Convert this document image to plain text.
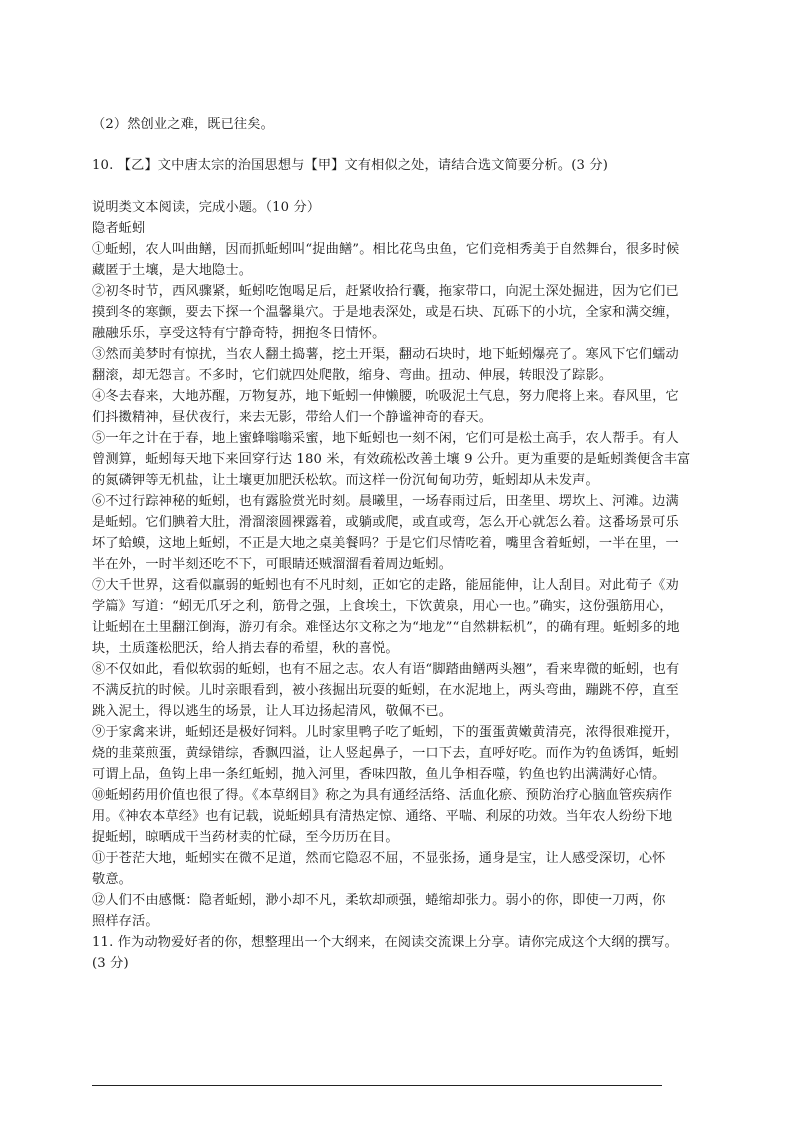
（2）然创业之难，既已往矣。
10. 【乙】文中唐太宗的治国思想与【甲】文有相似之处，请结合选文简要分析。(3 分)
说明类文本阅读，完成小题。（10 分）
隐者蚯蚓
①蚯蚓，农人叫曲鳝，因而抓蚯蚓叫“捉曲鳝”。相比花鸟虫鱼，它们竞相秀美于自然舞台，很多时候
藏匿于土壤，是大地隐士。
②初冬时节，西风骤紧，蚯蚓吃饱喝足后，赶紧收拾行囊，拖家带口，向泥土深处掘进，因为它们已
摸到冬的寒颤，要去下探一个温馨巢穴。于是地表深处，或是石块、瓦砾下的小坑，全家和满交缠，
融融乐乐，享受这特有宁静奇特，拥抱冬日情怀。
③然而美梦时有惊扰，当农人翻土捣薯，挖土开渠，翻动石块时，地下蚯蚓爆亮了。寒风下它们蠕动
翻滚，却无怨言。不多时，它们就四处爬散，缩身、弯曲。扭动、伸展，转眼没了踪影。
④冬去春来，大地苏醒，万物复苏，地下蚯蚓一伸懒腰，吮吸泥土气息，努力爬将上来。春风里，它
们抖擞精神，昼伏夜行，来去无影，带给人们一个静谧神奇的春天。
⑤一年之计在于春，地上蜜蜂嗡嗡采蜜，地下蚯蚓也一刻不闲，它们可是松土高手，农人帮手。有人
曾测算，蚯蚓每天地下来回穿行达 180 米，有效疏松改善土壤 9 公升。更为重要的是蚯蚓粪便含丰富
的氮磷钾等无机盐，让土壤更加肥沃松软。而这样一份沉甸甸功劳，蚯蚓却从未发声。
⑥不过行踪神秘的蚯蚓，也有露脸赏光时刻。晨曦里，一场春雨过后，田垄里、塄坎上、河滩。边满
是蚯蚓。它们腆着大肚，滑溜滚圆裸露着，或躺或爬，或直或弯，怎么开心就怎么着。这番场景可乐
坏了蛤蟆，这地上蚯蚓，不正是大地之桌美餐吗？于是它们尽情吃着，嘴里含着蚯蚓，一半在里，一
半在外，一时半刻还吃不下，可眼睛还贼溜溜看着周边蚯蚓。
⑦大千世界，这看似羸弱的蚯蚓也有不凡时刻，正如它的走路，能屈能伸，让人刮目。对此荀子《劝
学篇》写道：“蚓无爪牙之利，筋骨之强，上食埃土，下饮黄泉，用心一也。”确实，这份强筋用心，
让蚯蚓在土里翻江倒海，游刃有余。难怪达尔文称之为“地龙”“自然耕耘机”，的确有理。蚯蚓多的地
块，土质蓬松肥沃，给人捎去春的希望，秋的喜悦。
⑧不仅如此，看似软弱的蚯蚓，也有不屈之志。农人有语“脚踏曲鳝两头翘”，看来卑微的蚯蚓，也有
不满反抗的时候。儿时亲眼看到，被小孩掘出玩耍的蚯蚓，在水泥地上，两头弯曲，蹦跳不停，直至
跳入泥土，得以逃生的场景，让人耳边扬起清风，敬佩不已。
⑨于家禽来讲，蚯蚓还是极好饲料。儿时家里鸭子吃了蚯蚓，下的蛋蛋黄嫩黄清亮，浓得很难搅开，
烧的韭菜煎蛋，黄绿错综，香飘四溢，让人竖起鼻子，一口下去，直呼好吃。而作为钓鱼诱饵，蚯蚓
可谓上品，鱼钩上串一条红蚯蚓，抛入河里，香味四散，鱼儿争相吞噬，钓鱼也钓出满满好心情。
⑩蚯蚓药用价值也很了得。《本草纲目》称之为具有通经活络、活血化瘀、预防治疗心脑血管疾病作
用。《神农本草经》也有记载，说蚯蚓具有清热定惊、通络、平喘、利尿的功效。当年农人纷纷下地
捉蚯蚓，晾晒成干当药材卖的忙碌，至今历历在目。
⑪于苍茫大地，蚯蚓实在微不足道，然而它隐忍不屈，不显张扬，通身是宝，让人感受深切，心怀
敬意。
⑫人们不由感慨：隐者蚯蚓，渺小却不凡，柔软却顽强，蜷缩却张力。弱小的你，即使一刀两，你
照样存活。
11. 作为动物爱好者的你，想整理出一个大纲来，在阅读交流课上分享。请你完成这个大纲的撰写。
(3 分)
